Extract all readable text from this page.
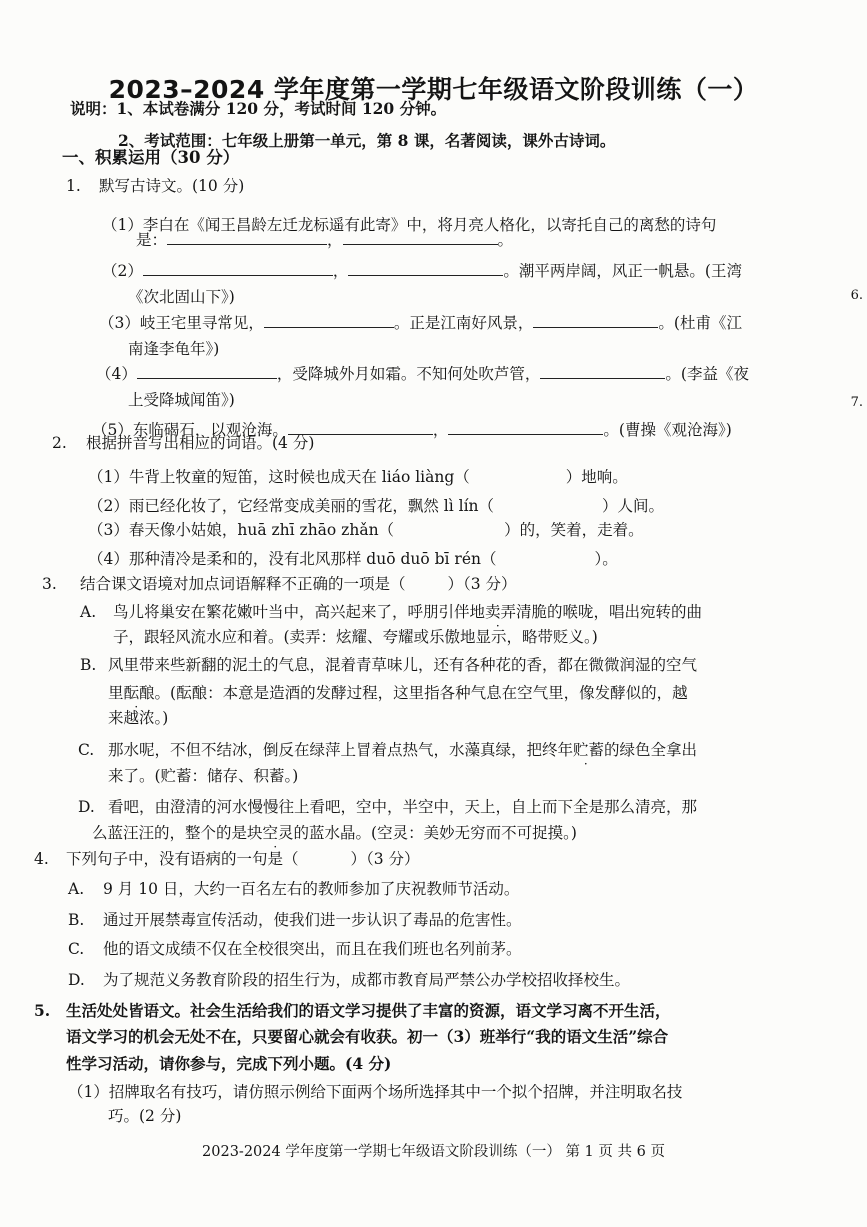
2023–2024 学年度第一学期七年级语文阶段训练（一）
说明：1、本试卷满分 120 分，考试时间 120 分钟。
2、考试范围：七年级上册第一单元，第 8 课，名著阅读，课外古诗词。
一、积累运用（30 分）
1. 默写古诗文。(10 分)
（1）李白在《闻王昌龄左迁龙标遥有此寄》中，将月亮人格化，以寄托自己的离愁的诗句
是：	，	。
（2）	，	。潮平两岸阔，风正一帆悬。(王湾
《次北固山下》)
（3）岐王宅里寻常见，	。正是江南好风景，	。(杜甫《江
南逢李龟年》)
（4）	，受降城外月如霜。不知何处吹芦管，	。(李益《夜
上受降城闻笛》)
（5）东临碣石，以观沧海。	，	。(曹操《观沧海》)
2. 根据拼音写出相应的词语。(4 分)
（1）牛背上牧童的短笛，这时候也成天在 liáo liàng（	）地响。
（2）雨已经化妆了，它经常变成美丽的雪花，飘然 lì lín（	）人间。
（3）春天像小姑娘，huā zhī zhāo zhǎn（	）的，笑着，走着。
（4）那种清冷是柔和的，没有北风那样 duō duō bī rén（	）。
3. 结合课文语境对加点词语解释不正确的一项是（	）（3 分）
A. 鸟儿将巢安在繁花嫩叶当中，高兴起来了，呼朋引伴地卖弄清脆的喉咙，唱出宛转的曲
子，跟轻风流水应和着。(卖弄：炫耀、夸耀或乐傲地显示，略带贬义。)
B. 风里带来些新翻的泥土的气息，混着青草味儿，还有各种花的香，都在微微润湿的空气
里酝酿。(酝酿：本意是造酒的发酵过程，这里指各种气息在空气里，像发酵似的，越
来越浓。)
C. 那水呢，不但不结冰，倒反在绿萍上冒着点热气，水藻真绿，把终年贮蓄的绿色全拿出
来了。(贮蓄：储存、积蓄。)
D. 看吧，由澄清的河水慢慢往上看吧，空中，半空中，天上，自上而下全是那么清亮，那
么蓝汪汪的，整个的是块空灵的蓝水晶。(空灵：美妙无穷而不可捉摸。)
4. 下列句子中，没有语病的一句是（	）（3 分）
A. 9 月 10 日，大约一百名左右的教师参加了庆祝教师节活动。
B. 通过开展禁毒宣传活动，使我们进一步认识了毒品的危害性。
C. 他的语文成绩不仅在全校很突出，而且在我们班也名列前茅。
D. 为了规范义务教育阶段的招生行为，成都市教育局严禁公办学校招收择校生。
5. 生活处处皆语文。社会生活给我们的语文学习提供了丰富的资源，语文学习离不开生活，
语文学习的机会无处不在，只要留心就会有收获。初一（3）班举行“我的语文生活”综合
性学习活动，请你参与，完成下列小题。(4 分)
（1）招牌取名有技巧，请仿照示例给下面两个场所选择其中一个拟个招牌，并注明取名技
巧。(2 分)
2023-2024 学年度第一学期七年级语文阶段训练（一） 第 1 页 共 6 页
6.
7.
